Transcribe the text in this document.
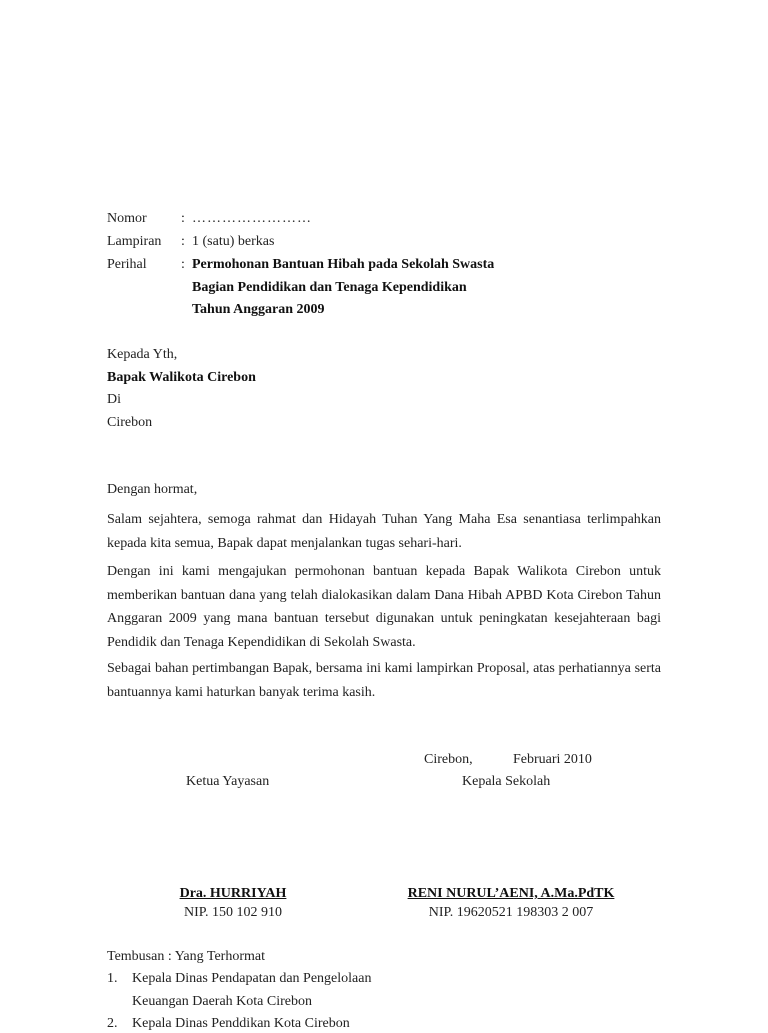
Nomor : ……………………
Lampiran : 1 (satu) berkas
Perihal : Permohonan Bantuan Hibah pada Sekolah Swasta
Bagian Pendidikan dan Tenaga Kependidikan
Tahun Anggaran 2009
Kepada Yth,
Bapak Walikota Cirebon
Di
Cirebon
Dengan hormat,
Salam sejahtera, semoga rahmat dan Hidayah Tuhan Yang Maha Esa senantiasa terlimpahkan kepada kita semua, Bapak dapat menjalankan tugas sehari-hari.
Dengan ini kami mengajukan permohonan bantuan kepada Bapak Walikota Cirebon untuk memberikan bantuan dana yang telah dialokasikan dalam Dana Hibah APBD Kota Cirebon Tahun Anggaran 2009 yang mana bantuan tersebut digunakan untuk peningkatan kesejahteraan bagi Pendidik dan Tenaga Kependidikan di Sekolah Swasta.
Sebagai bahan pertimbangan Bapak, bersama ini kami lampirkan Proposal, atas perhatiannya serta bantuannya kami haturkan banyak terima kasih.
Cirebon,	Februari 2010
Ketua Yayasan	Kepala Sekolah
Dra. HURRIYAH
NIP. 150 102 910
RENI NURUL’AENI, A.Ma.PdTK
NIP. 19620521 198303 2 007
Tembusan : Yang Terhormat
1. Kepala Dinas Pendapatan dan Pengelolaan
Keuangan Daerah Kota Cirebon
2. Kepala Dinas Penddikan Kota Cirebon
